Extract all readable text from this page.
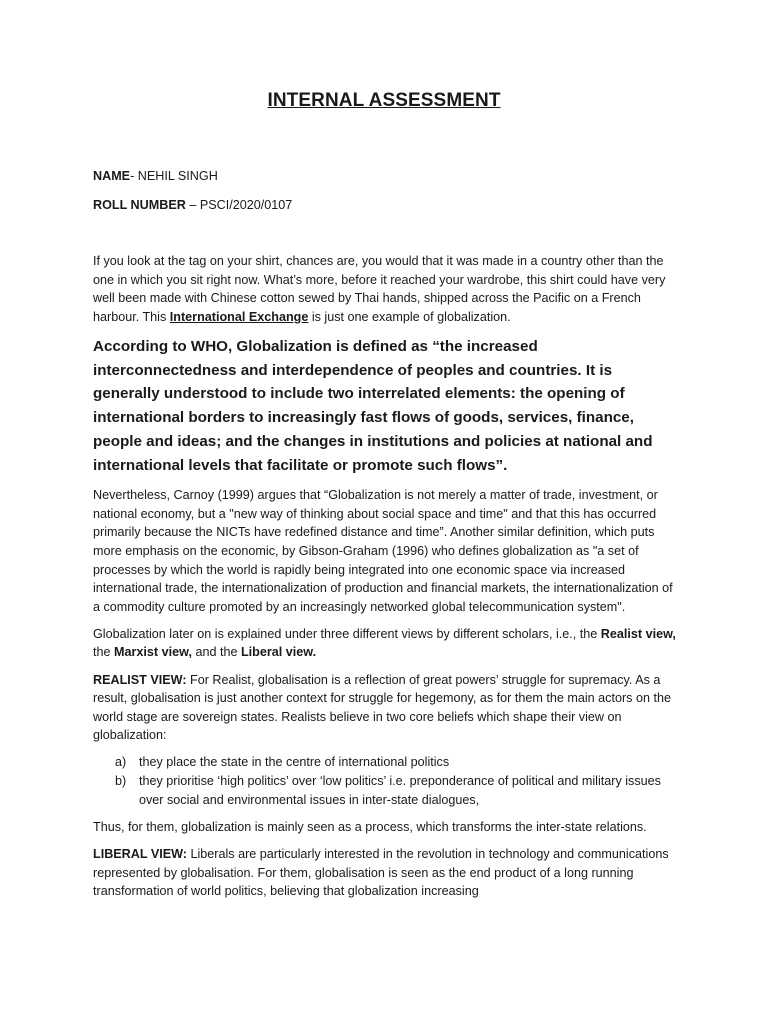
INTERNAL ASSESSMENT
NAME- NEHIL SINGH
ROLL NUMBER – PSCI/2020/0107

If you look at the tag on your shirt, chances are, you would that it was made in a country other than the one in which you sit right now. What’s more, before it reached your wardrobe, this shirt could have very well been made with Chinese cotton sewed by Thai hands, shipped across the Pacific on a French harbour. This International Exchange is just one example of globalization.

According to WHO, Globalization is defined as “the increased interconnectedness and interdependence of peoples and countries. It is generally understood to include two interrelated elements: the opening of international borders to increasingly fast flows of goods, services, finance, people and ideas; and the changes in institutions and policies at national and international levels that facilitate or promote such flows”.

Nevertheless, Carnoy (1999) argues that “Globalization is not merely a matter of trade, investment, or national economy, but a "new way of thinking about social space and time" and that this has occurred primarily because the NICTs have redefined distance and time”. Another similar definition, which puts more emphasis on the economic, by Gibson-Graham (1996) who defines globalization as "a set of processes by which the world is rapidly being integrated into one economic space via increased international trade, the internationalization of production and financial markets, the internationalization of a commodity culture promoted by an increasingly networked global telecommunication system".

Globalization later on is explained under three different views by different scholars, i.e., the Realist view, the Marxist view, and the Liberal view.

REALIST VIEW: For Realist, globalisation is a reflection of great powers’ struggle for supremacy. As a result, globalisation is just another context for struggle for hegemony, as for them the main actors on the world stage are sovereign states. Realists believe in two core beliefs which shape their view on globalization:

a) they place the state in the centre of international politics
b) they prioritise ‘high politics’ over ‘low politics’ i.e. preponderance of political and military issues over social and environmental issues in inter-state dialogues,

Thus, for them, globalization is mainly seen as a process, which transforms the inter-state relations.

LIBERAL VIEW: Liberals are particularly interested in the revolution in technology and communications represented by globalisation. For them, globalisation is seen as the end product of a long running transformation of world politics, believing that globalization increasing
